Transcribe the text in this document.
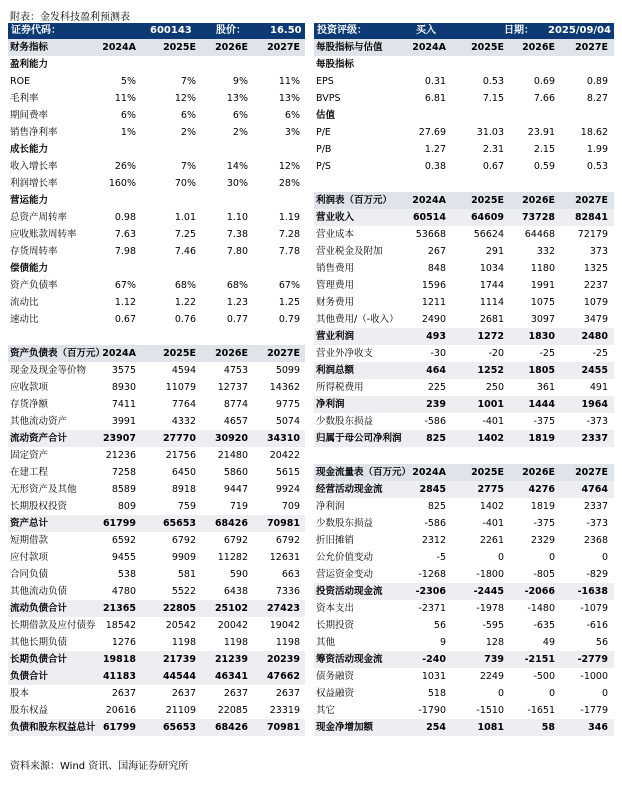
附表：金发科技盈利预测表
证券代码：	600143 股价： 16.50
财务指标	2024A	2025E	2026E	2027E
盈利能力
ROE	5%	7%	9%	11%
毛利率	11%	12%	13%	13%
期间费率	6%	6%	6%	6%
销售净利率	1%	2%	2%	3%
成长能力
收入增长率	26%	7%	14%	12%
利润增长率	160%	70%	30%	28%
营运能力
总资产周转率	0.98	1.01	1.10	1.19
应收账款周转率	7.63	7.25	7.38	7.28
存货周转率	7.98	7.46	7.80	7.78
偿债能力
资产负债率	67%	68%	68%	67%
流动比	1.12	1.22	1.23	1.25
速动比	0.67	0.76	0.77	0.79
资产负债表（百万元）
2024A	2025E	2026E	2027E
现金及现金等价物	3575	4594	4753	5099
应收款项	8930	11079	12737	14362
存货净额	7411	7764	8774	9775
其他流动资产	3991	4332	4657	5074
流动资产合计	23907	27770	30920	34310
固定资产	21236	21756	21480	20422
在建工程	7258	6450	5860	5615
无形资产及其他	8589	8918	9447	9924
长期股权投资	809	759	719	709
资产总计	61799	65653	68426	70981
短期借款	6592	6792	6792	6792
应付款项	9455	9909	11282	12631
合同负债	538	581	590	663
其他流动负债	4780	5522	6438	7336
流动负债合计	21365	22805	25102	27423
长期借款及应付债券	18542	20542	20042	19042
其他长期负债	1276	1198	1198	1198
长期负债合计	19818	21739	21239	20239
负债合计	41183	44544	46341	47662
股本	2637	2637	2637	2637
股东权益	20616	21109	22085	23319
负债和股东权益总计 61799	65653	68426	70981
投资评级：	买入	日期： 2025/09/04
每股指标与估值	2024A	2025E	2026E	2027E
每股指标
EPS	0.31	0.53	0.69	0.89
BVPS	6.81	7.15	7.66	8.27
估值
P/E	27.69	31.03	23.91	18.62
P/B	1.27	2.31	2.15	1.99
P/S	0.38	0.67	0.59	0.53
利润表（百万元）	2024A	2025E	2026E	2027E
营业收入	60514	64609	73728	82841
营业成本	53668	56624	64468	72179
营业税金及附加	267	291	332	373
销售费用	848	1034	1180	1325
管理费用	1596	1744	1991	2237
财务费用	1211	1114	1075	1079
其他费用/（-收入）	2490	2681	3097	3479
营业利润	493	1272	1830	2480
营业外净收支	-30	-20	-25	-25
利润总额	464	1252	1805	2455
所得税费用	225	250	361	491
净利润	239	1001	1444	1964
少数股东损益	-586	-401	-375	-373
归属于母公司净利润	825	1402	1819	2337
现金流量表（百万元） 2024A	2025E	2026E	2027E
经营活动现金流	2845	2775	4276	4764
净利润	825	1402	1819	2337
少数股东损益	-586	-401	-375	-373
折旧摊销	2312	2261	2329	2368
公允价值变动	-5	0	0	0
营运资金变动	-1268	-1800	-805	-829
投资活动现金流	-2306	-2445	-2066	-1638
资本支出	-2371	-1978	-1480	-1079
长期投资	56	-595	-635	-616
其他	9	128	49	56
筹资活动现金流	-240	739	-2151	-2779
债务融资	1031	2249	-500	-1000
权益融资	518	0	0	0
其它	-1790	-1510	-1651	-1779
现金净增加额	254	1081	58	346
资料来源：Wind 资讯、国海证券研究所
